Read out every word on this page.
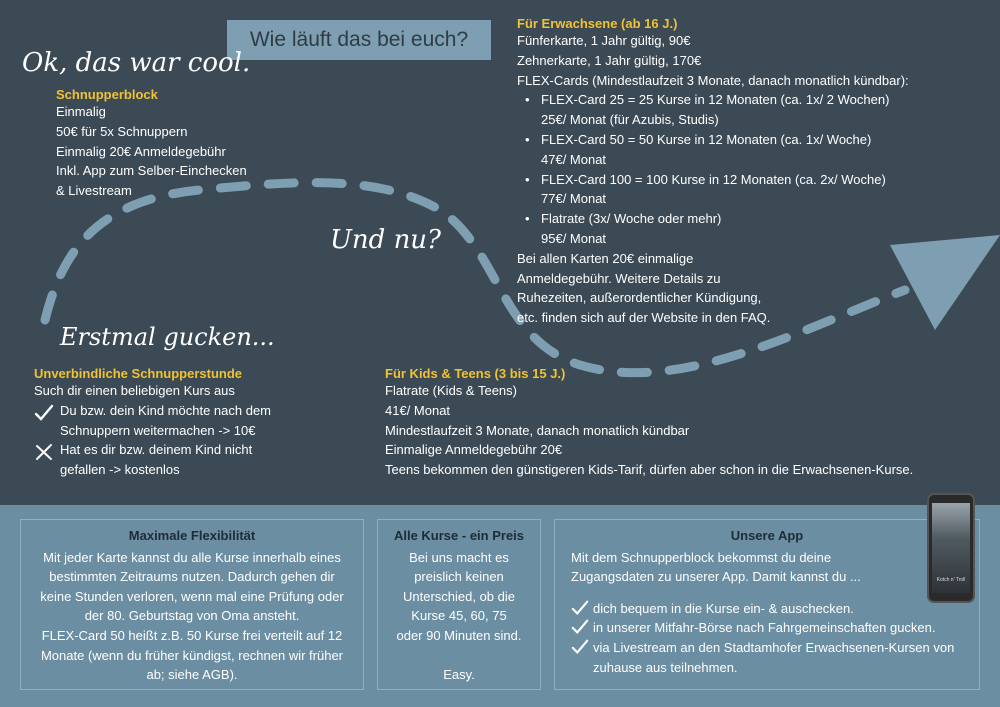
Wie läuft das bei euch?
Ok, das war cool.
Und nu?
Erstmal gucken...
Schnupperblock
Einmalig
50€ für 5x Schnuppern
Einmalig 20€ Anmeldegebühr
Inkl. App zum Selber-Einchecken
& Livestream
Für Erwachsene (ab 16 J.)
Fünferkarte, 1 Jahr gültig, 90€
Zehnerkarte, 1 Jahr gültig, 170€
FLEX-Cards (Mindestlaufzeit 3 Monate, danach monatlich kündbar):
• FLEX-Card 25 = 25 Kurse in 12 Monaten (ca. 1x/ 2 Wochen)
25€/ Monat (für Azubis, Studis)
• FLEX-Card 50 = 50 Kurse in 12 Monaten (ca. 1x/ Woche)
47€/ Monat
• FLEX-Card 100 = 100 Kurse in 12 Monaten (ca. 2x/ Woche)
77€/ Monat
• Flatrate (3x/ Woche oder mehr)
95€/ Monat
Bei allen Karten 20€ einmalige
Anmeldegebühr. Weitere Details zu
Ruhezeiten, außerordentlicher Kündigung,
etc. finden sich auf der Website in den FAQ.
Unverbindliche Schnupperstunde
Such dir einen beliebigen Kurs aus
Du bzw. dein Kind möchte nach dem
Schnuppern weitermachen -> 10€
Hat es dir bzw. deinem Kind nicht
gefallen -> kostenlos
Für Kids & Teens (3 bis 15 J.)
Flatrate (Kids & Teens)
41€/ Monat
Mindestlaufzeit 3 Monate, danach monatlich kündbar
Einmalige Anmeldegebühr 20€
Teens bekommen den günstigeren Kids-Tarif, dürfen aber schon in die Erwachsenen-Kurse.
Maximale Flexibilität
Mit jeder Karte kannst du alle Kurse innerhalb eines
bestimmten Zeitraums nutzen. Dadurch gehen dir
keine Stunden verloren, wenn mal eine Prüfung oder
der 80. Geburtstag von Oma ansteht.
FLEX-Card 50 heißt z.B. 50 Kurse frei verteilt auf 12
Monate (wenn du früher kündigst, rechnen wir früher
ab; siehe AGB).
Alle Kurse - ein Preis
Bei uns macht es
preislich keinen
Unterschied, ob die
Kurse 45, 60, 75
oder 90 Minuten sind.
Easy.
Unsere App
Mit dem Schnupperblock bekommst du deine
Zugangsdaten zu unserer App. Damit kannst du ...
dich bequem in die Kurse ein- & auschecken.
in unserer Mitfahr-Börse nach Fahrgemeinschaften gucken.
via Livestream an den Stadtamhofer Erwachsenen-Kursen von
zuhause aus teilnehmen.
Kotch n' Troll
